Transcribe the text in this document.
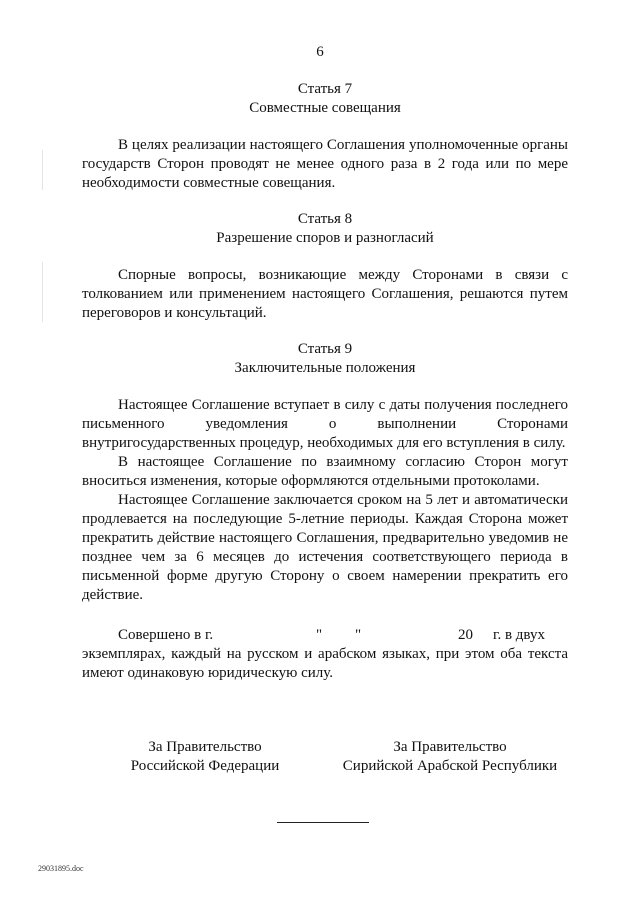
6
Статья 7
Совместные совещания

В целях реализации настоящего Соглашения уполномоченные органы государств Сторон проводят не менее одного раза в 2 года или по мере необходимости совместные совещания.

Статья 8
Разрешение споров и разногласий

Спорные вопросы, возникающие между Сторонами в связи с толкованием или применением настоящего Соглашения, решаются путем переговоров и консультаций.

Статья 9
Заключительные положения

Настоящее Соглашение вступает в силу с даты получения последнего письменного уведомления о выполнении Сторонами внутригосударственных процедур, необходимых для его вступления в силу.

В настоящее Соглашение по взаимному согласию Сторон могут вноситься изменения, которые оформляются отдельными протоколами.

Настоящее Соглашение заключается сроком на 5 лет и автоматически продлевается на последующие 5-летние периоды. Каждая Сторона может прекратить действие настоящего Соглашения, предварительно уведомив не позднее чем за 6 месяцев до истечения соответствующего периода в письменной форме другую Сторону о своем намерении прекратить его действие.

Совершено в г.	" "	20 г. в двух

экземплярах, каждый на русском и арабском языках, при этом оба текста имеют одинаковую юридическую силу.

За Правительство
Российской Федерации
За Правительство
Сирийской Арабской Республики
29031895.doc
